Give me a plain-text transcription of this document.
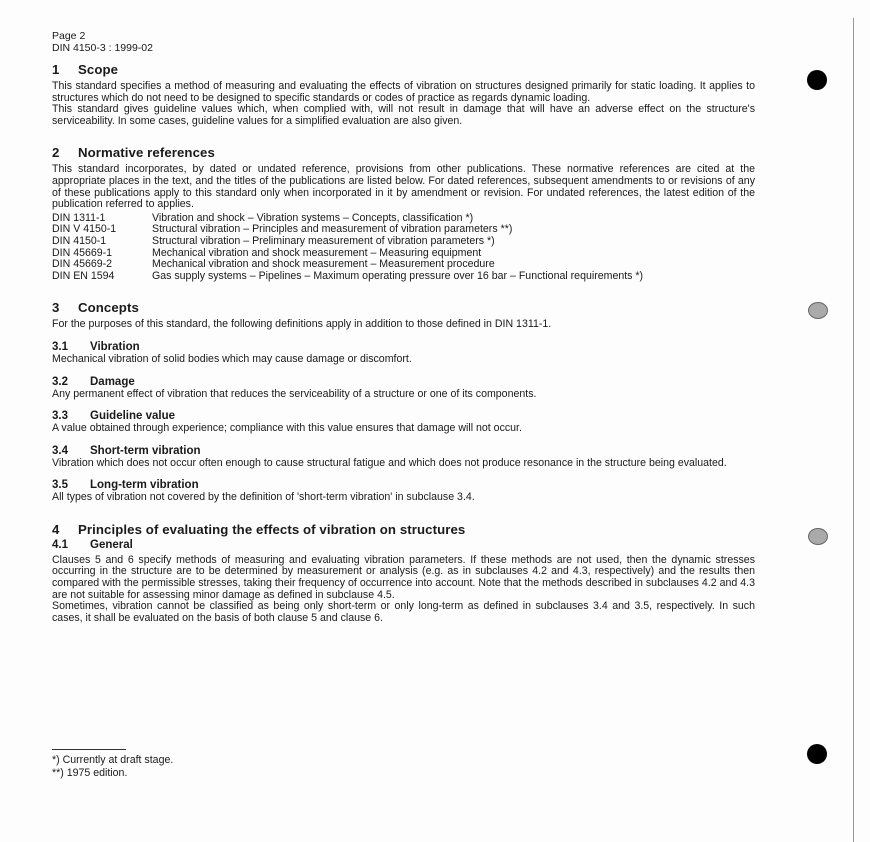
Page 2
DIN 4150-3 : 1999-02
1 Scope

This standard specifies a method of measuring and evaluating the effects of vibration on structures designed primarily for static loading. It applies to structures which do not need to be designed to specific standards or codes of practice as regards dynamic loading.

This standard gives guideline values which, when complied with, will not result in damage that will have an adverse effect on the structure's serviceability. In some cases, guideline values for a simplified evaluation are also given.

2 Normative references

This standard incorporates, by dated or undated reference, provisions from other publications. These normative references are cited at the appropriate places in the text, and the titles of the publications are listed below. For dated references, subsequent amendments to or revisions of any of these publications apply to this standard only when incorporated in it by amendment or revision. For undated references, the latest edition of the publication referred to applies.

DIN 1311-1	Vibration and shock – Vibration systems – Concepts, classification *)
DIN V 4150-1	Structural vibration – Principles and measurement of vibration parameters **)
DIN 4150-1	Structural vibration – Preliminary measurement of vibration parameters *)
DIN 45669-1	Mechanical vibration and shock measurement – Measuring equipment
DIN 45669-2	Mechanical vibration and shock measurement – Measurement procedure
DIN EN 1594	Gas supply systems – Pipelines – Maximum operating pressure over 16 bar – Functional requirements *)
3 Concepts

For the purposes of this standard, the following definitions apply in addition to those defined in DIN 1311-1.

3.1 Vibration

Mechanical vibration of solid bodies which may cause damage or discomfort.

3.2 Damage

Any permanent effect of vibration that reduces the serviceability of a structure or one of its components.

3.3 Guideline value

A value obtained through experience; compliance with this value ensures that damage will not occur.

3.4 Short-term vibration

Vibration which does not occur often enough to cause structural fatigue and which does not produce resonance in the structure being evaluated.

3.5 Long-term vibration

All types of vibration not covered by the definition of 'short-term vibration' in subclause 3.4.

4 Principles of evaluating the effects of vibration on structures
4.1 General

Clauses 5 and 6 specify methods of measuring and evaluating vibration parameters. If these methods are not used, then the dynamic stresses occurring in the structure are to be determined by measurement or analysis (e.g. as in subclauses 4.2 and 4.3, respectively) and the results then compared with the permissible stresses, taking their frequency of occurrence into account. Note that the methods described in subclauses 4.2 and 4.3 are not suitable for assessing minor damage as defined in subclause 4.5.

Sometimes, vibration cannot be classified as being only short-term or only long-term as defined in subclauses 3.4 and 3.5, respectively. In such cases, it shall be evaluated on the basis of both clause 5 and clause 6.

*) Currently at draft stage.
**) 1975 edition.
